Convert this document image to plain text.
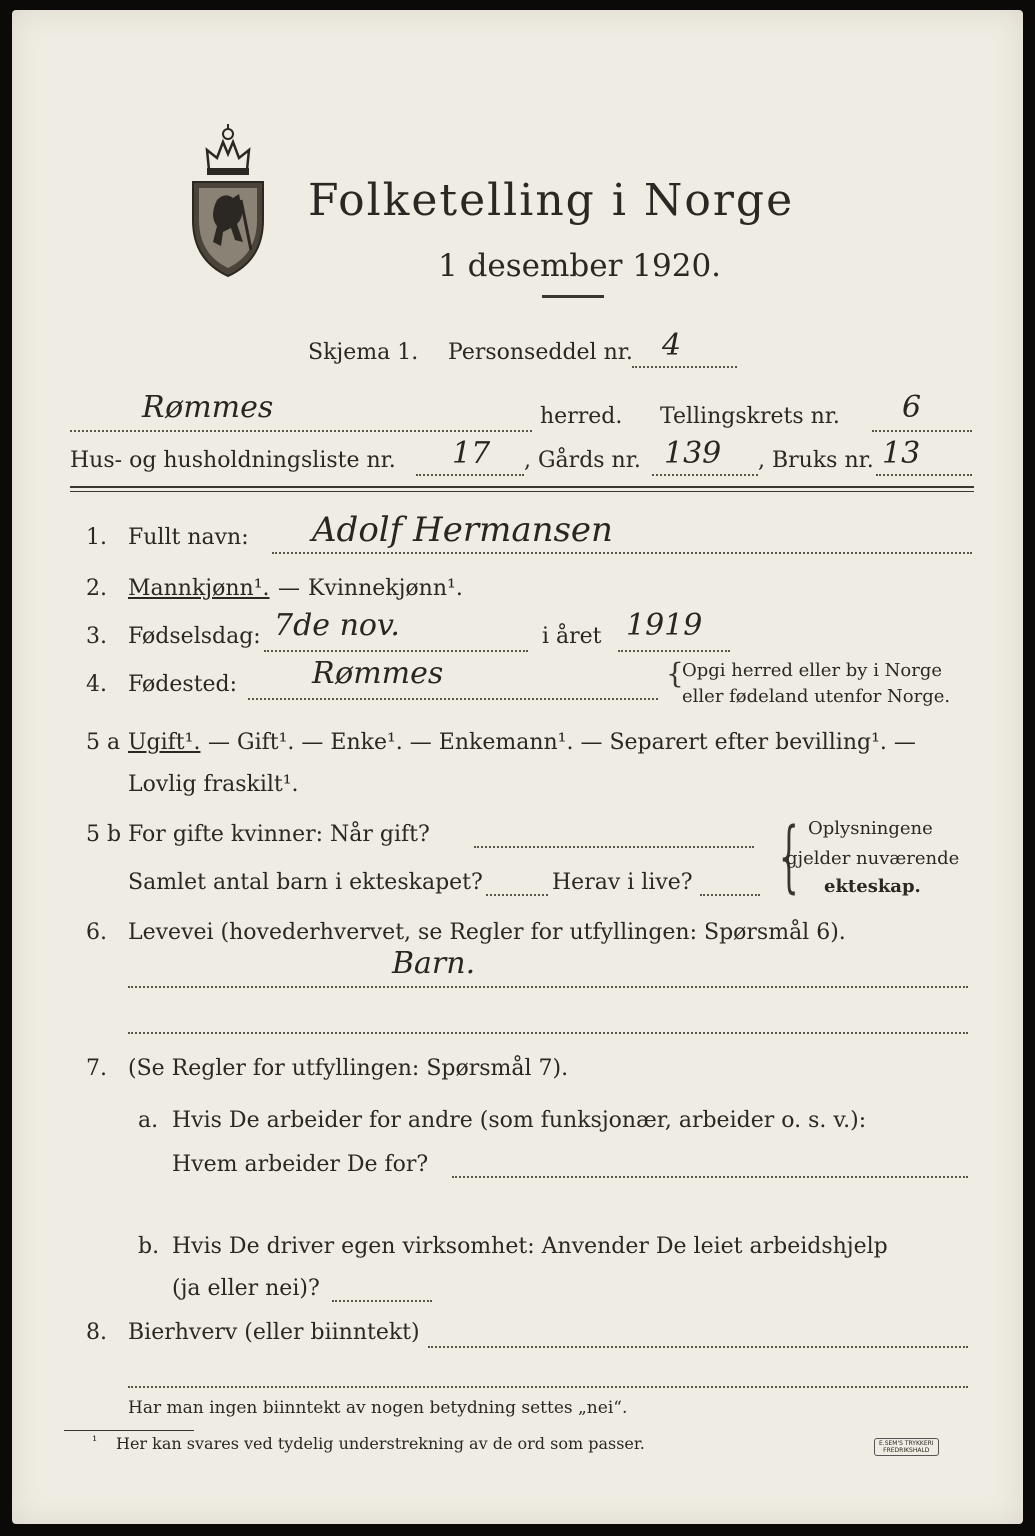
Folketelling i Norge
1 desember 1920.
Skjema 1. Personseddel nr. 4
Rømmes	herred. Tellingskrets nr. 6
Hus- og husholdningsliste nr. 17 , Gårds nr. 139 , Bruks nr. 13
1. Fullt navn: Adolf Hermansen
2. Mannkjønn¹. — Kvinnekjønn¹.
3. Fødselsdag: 7de nov.	i året 1919
4. Fødested: Rømmes	{
Opgi herred eller by i Norge
eller fødeland utenfor Norge.
5 a Ugift¹. — Gift¹. — Enke¹. — Enkemann¹. — Separert efter bevilling¹. —
Lovlig fraskilt¹.
5 b For gifte kvinner: Når gift?
Samlet antal barn i ekteskapet?	Herav i live? { Oplysningene
gjelder nuværende
ekteskap.
6. Levevei (hovederhvervet, se Regler for utfyllingen: Spørsmål 6).
Barn.
7. (Se Regler for utfyllingen: Spørsmål 7).
a. Hvis De arbeider for andre (som funksjonær, arbeider o. s. v.):
Hvem arbeider De for?
b. Hvis De driver egen virksomhet: Anvender De leiet arbeidshjelp
(ja eller nei)?
8. Bierhverv (eller biinntekt)
Har man ingen biinntekt av nogen betydning settes „nei“.
¹ Her kan svares ved tydelig understrekning av de ord som passer.	E.SEM'S TRYKKERI
FREDRIKSHALD
